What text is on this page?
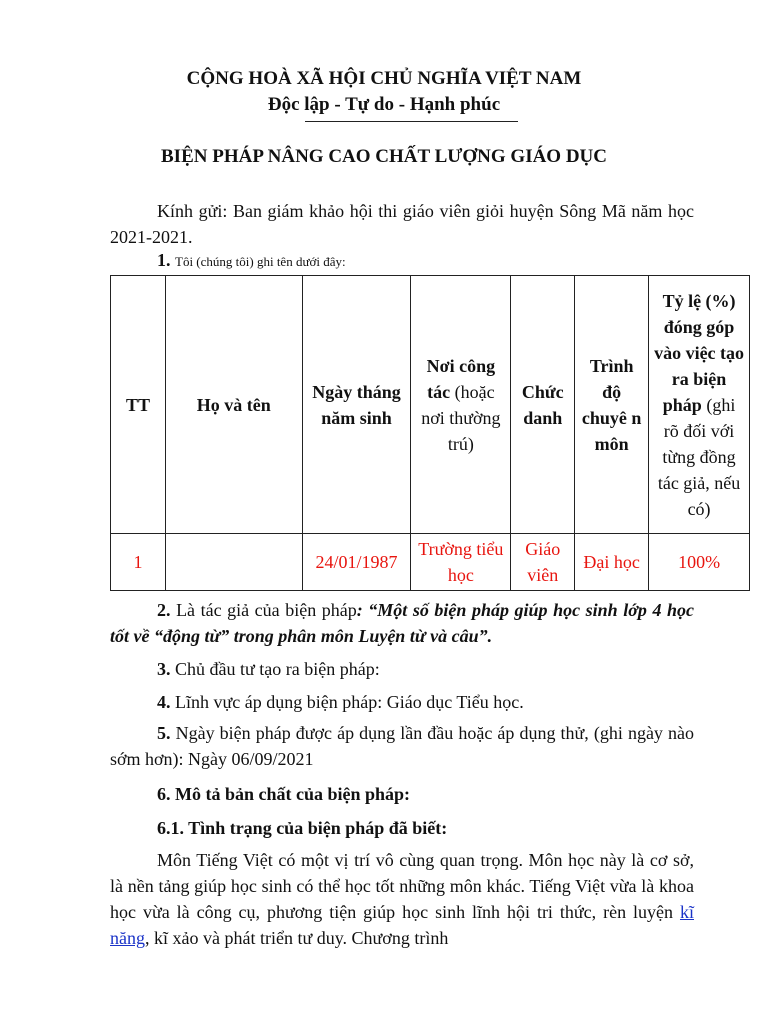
CỘNG HOÀ XÃ HỘI CHỦ NGHĨA VIỆT NAM
Độc lập - Tự do - Hạnh phúc
BIỆN PHÁP NÂNG CAO CHẤT LƯỢNG GIÁO DỤC
Kính gửi: Ban giám khảo hội thi giáo viên giỏi huyện Sông Mã năm học 2021-2021.
1. Tôi (chúng tôi) ghi tên dưới đây:
TT	Họ và tên	Ngày tháng năm sinh	Nơi công tác (hoặc nơi thường trú)	Chức danh	Trình độ chuyê n môn	Tỷ lệ (%) đóng góp vào việc tạo ra biện pháp (ghi rõ đối với từng đồng tác giả, nếu có)
1		24/01/1987	Trường tiểu học	Giáo viên	Đại học	100%
2. Là tác giả của biện pháp: “Một số biện pháp giúp học sinh lớp 4 học tốt về “động từ” trong phân môn Luyện từ và câu”.
3. Chủ đầu tư tạo ra biện pháp:
4. Lĩnh vực áp dụng biện pháp: Giáo dục Tiểu học.
5. Ngày biện pháp được áp dụng lần đầu hoặc áp dụng thử, (ghi ngày nào sớm hơn): Ngày 06/09/2021
6. Mô tả bản chất của biện pháp:
6.1. Tình trạng của biện pháp đã biết:
Môn Tiếng Việt có một vị trí vô cùng quan trọng. Môn học này là cơ sở, là nền tảng giúp học sinh có thể học tốt những môn khác. Tiếng Việt vừa là khoa học vừa là công cụ, phương tiện giúp học sinh lĩnh hội tri thức, rèn luyện kĩ năng, kĩ xảo và phát triển tư duy. Chương trình
